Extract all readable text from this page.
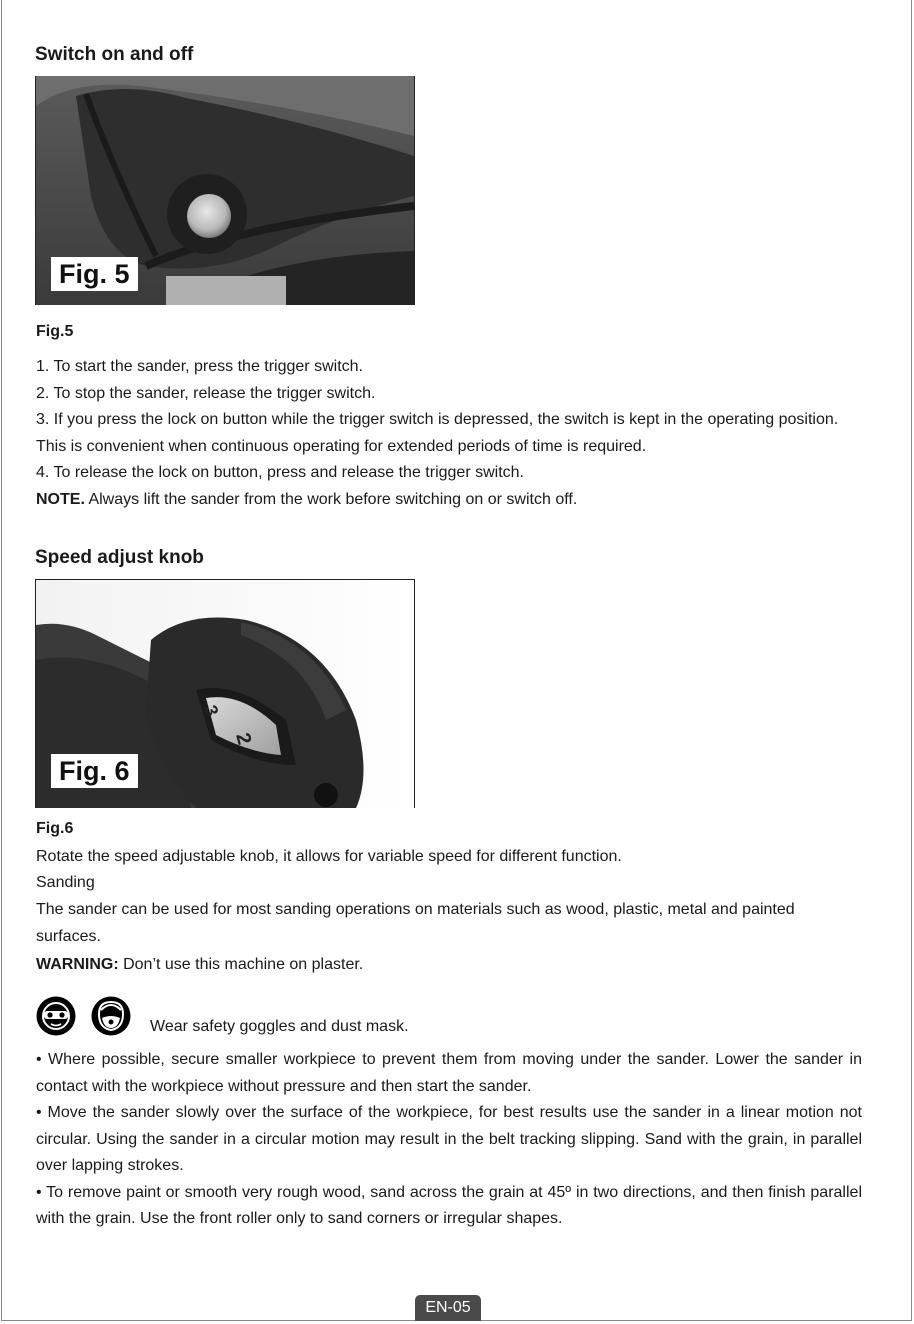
Switch on and off
Fig. 5
Fig.5
1. To start the sander, press the trigger switch.
2. To stop the sander, release the trigger switch.
3. If you press the lock on button while the trigger switch is depressed, the switch is kept in the operating position. This is convenient when continuous operating for extended periods of time is required.
4. To release the lock on button, press and release the trigger switch.
NOTE. Always lift the sander from the work before switching on or switch off.
Speed adjust knob
3
2
Fig. 6
Fig.6

Rotate the speed adjustable knob, it allows for variable speed for different function.

Sanding

The sander can be used for most sanding operations on materials such as wood, plastic, metal and painted surfaces.

WARNING: Don’t use this machine on plaster.

Wear safety goggles and dust mask.

• Where possible, secure smaller workpiece to prevent them from moving under the sander. Lower the sander in contact with the workpiece without pressure and then start the sander.
• Move the sander slowly over the surface of the workpiece, for best results use the sander in a linear motion not circular. Using the sander in a circular motion may result in the belt tracking slipping. Sand with the grain, in parallel over lapping strokes.
• To remove paint or smooth very rough wood, sand across the grain at 45º in two directions, and then finish parallel with the grain. Use the front roller only to sand corners or irregular shapes.
EN-05
